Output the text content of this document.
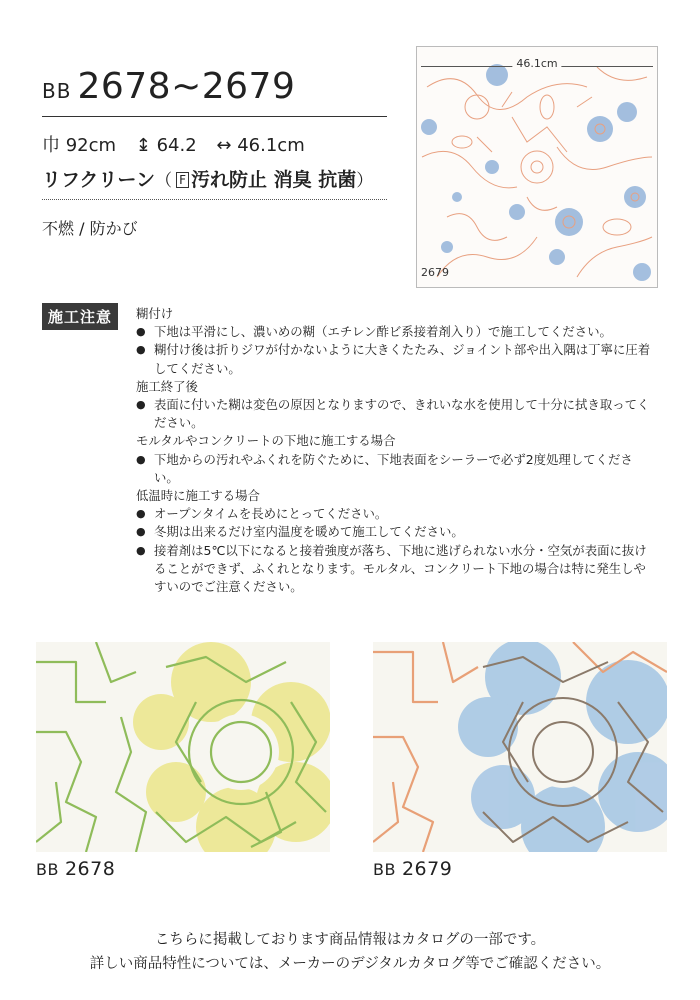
BB 2678~2679
巾 92cm ↨ 64.2 ↔ 46.1cm
リフクリーン（ F 汚れ防止 消臭 抗菌）
不燃 / 防かび
46.1cm
2679
施工注意	糊付け

● 下地は平滑にし、濃いめの糊（エチレン酢ビ系接着剤入り）で施工してください。

● 糊付け後は折りジワが付かないように大きくたたみ、ジョイント部や出入隅は丁寧に圧着してください。

施工終了後

● 表面に付いた糊は変色の原因となりますので、きれいな水を使用して十分に拭き取ってください。

モルタルやコンクリートの下地に施工する場合

● 下地からの汚れやふくれを防ぐために、下地表面をシーラーで必ず2度処理してください。

低温時に施工する場合

● オープンタイムを長めにとってください。

● 冬期は出来るだけ室内温度を暖めて施工してください。

● 接着剤は5℃以下になると接着強度が落ち、下地に逃げられない水分・空気が表面に抜けることができず、ふくれとなります。モルタル、コンクリート下地の場合は特に発生しやすいのでご注意ください。

BB 2678	BB 2679
こちらに掲載しております商品情報はカタログの一部です。
詳しい商品特性については、メーカーのデジタルカタログ等でご確認ください。
